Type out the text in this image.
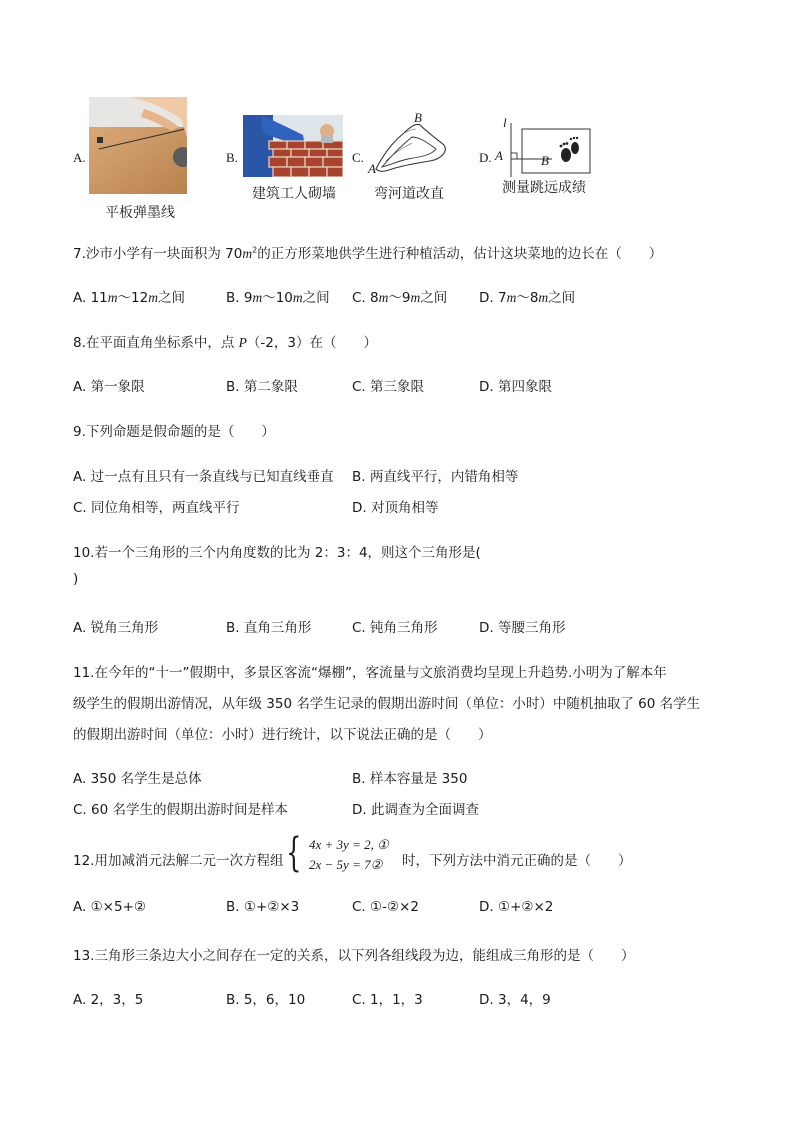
A.
平板弹墨线
B.
建筑工人砌墙
C.
B
A
弯河道改直
D.
l
A	B
测量跳远成绩
7.沙市小学有一块面积为 $70m^2$的正方形菜地供学生进行种植活动，估计这块菜地的边长在（　　）
A. 11m～12m之间	B. 9m～10m之间 C. 8m～9m之间 D. 7m～8m之间
8.在平面直角坐标系中，点 P（-2，3）在（　　）
A. 第一象限	B. 第二象限	C. 第三象限	D. 第四象限
9.下列命题是假命题的是（　　）
A. 过一点有且只有一条直线与已知直线垂直 B. 两直线平行，内错角相等
C. 同位角相等，两直线平行	D. 对顶角相等
10.若一个三角形的三个内角度数的比为 2：3：4，则这个三角形是(
)
A. 锐角三角形	B. 直角三角形	C. 钝角三角形	D. 等腰三角形
11.在今年的“十一”假期中，多景区客流“爆棚”，客流量与文旅消费均呈现上升趋势.小明为了解本年
级学生的假期出游情况，从年级 350 名学生记录的假期出游时间（单位：小时）中随机抽取了 60 名学生
的假期出游时间（单位：小时）进行统计，以下说法正确的是（　　）
A. 350 名学生是总体	B. 样本容量是 350
C. 60 名学生的假期出游时间是样本	D. 此调查为全面调查
12.用加减消元法解二元一次方程组 { 4x + 3y = 2, ①
2x − 5y = 7② 时，下列方法中消元正确的是（　　）
A. ①×5+②	B. ①+②×3	C. ①-②×2	D. ①+②×2
13.三角形三条边大小之间存在一定的关系，以下列各组线段为边，能组成三角形的是（　　）
A. 2，3，5	B. 5，6，10	C. 1，1，3	D. 3，4，9
